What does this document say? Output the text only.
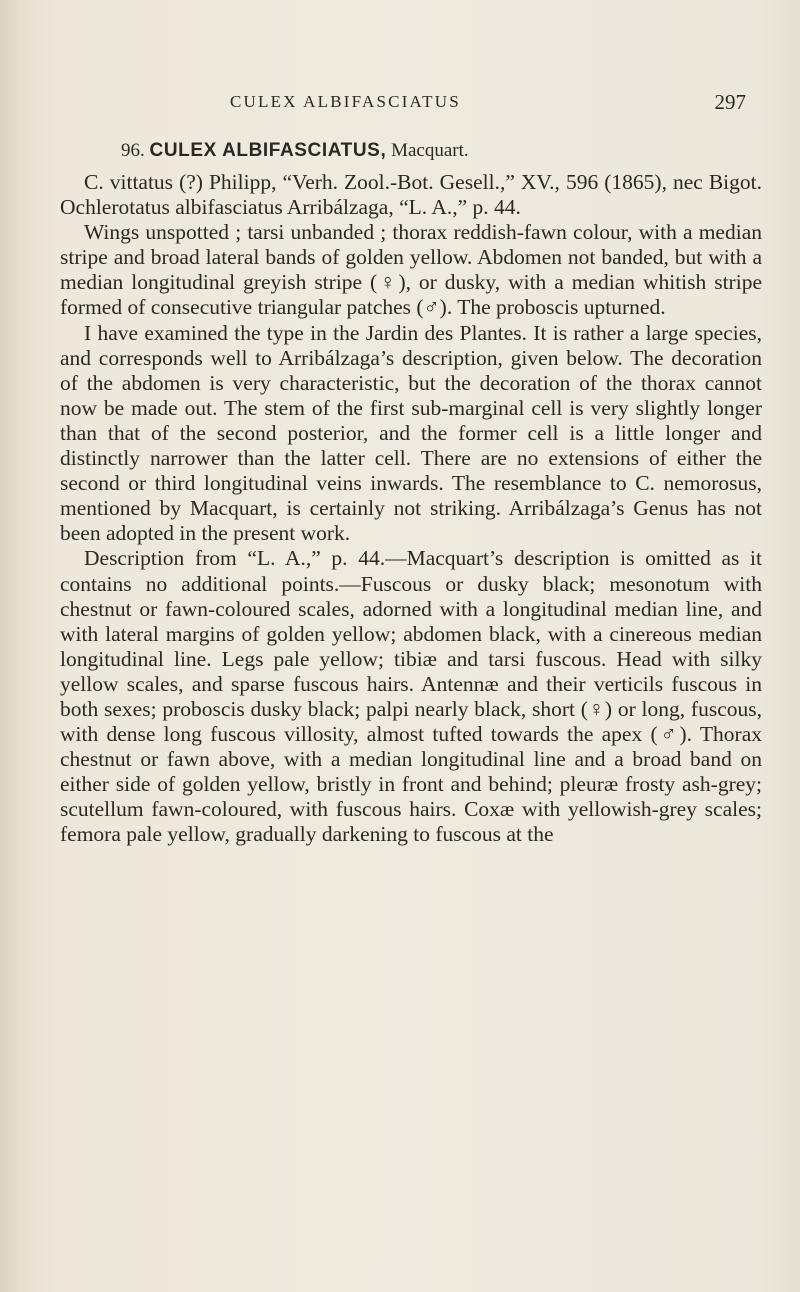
CULEX ALBIFASCIATUS	297
96. CULEX ALBIFASCIATUS, Macquart.

C. vittatus (?) Philipp, “Verh. Zool.-Bot. Gesell.,” XV., 596 (1865), nec Bigot. Ochlerotatus albifasciatus Arribálzaga, “L. A.,” p. 44.

Wings unspotted ; tarsi unbanded ; thorax reddish-fawn colour, with a median stripe and broad lateral bands of golden yellow. Abdomen not banded, but with a median longitudinal greyish stripe (♀), or dusky, with a median whitish stripe formed of consecutive triangular patches (♂). The proboscis upturned.

I have examined the type in the Jardin des Plantes. It is rather a large species, and corresponds well to Arribálzaga’s description, given below. The decoration of the abdomen is very characteristic, but the decoration of the thorax cannot now be made out. The stem of the first sub-marginal cell is very slightly longer than that of the second posterior, and the former cell is a little longer and distinctly narrower than the latter cell. There are no extensions of either the second or third longitudinal veins inwards. The resemblance to C. nemorosus, mentioned by Macquart, is certainly not striking. Arribálzaga’s Genus has not been adopted in the present work.

Description from “L. A.,” p. 44.—Macquart’s description is omitted as it contains no additional points.—Fuscous or dusky black; mesonotum with chestnut or fawn-coloured scales, adorned with a longitudinal median line, and with lateral margins of golden yellow; abdomen black, with a cinereous median longitudinal line. Legs pale yellow; tibiæ and tarsi fuscous. Head with silky yellow scales, and sparse fuscous hairs. Antennæ and their verticils fuscous in both sexes; proboscis dusky black; palpi nearly black, short (♀) or long, fuscous, with dense long fuscous villosity, almost tufted towards the apex (♂). Thorax chestnut or fawn above, with a median longitudinal line and a broad band on either side of golden yellow, bristly in front and behind; pleuræ frosty ash-grey; scutellum fawn-coloured, with fuscous hairs. Coxæ with yellowish-grey scales; femora pale yellow, gradually darkening to fuscous at the
